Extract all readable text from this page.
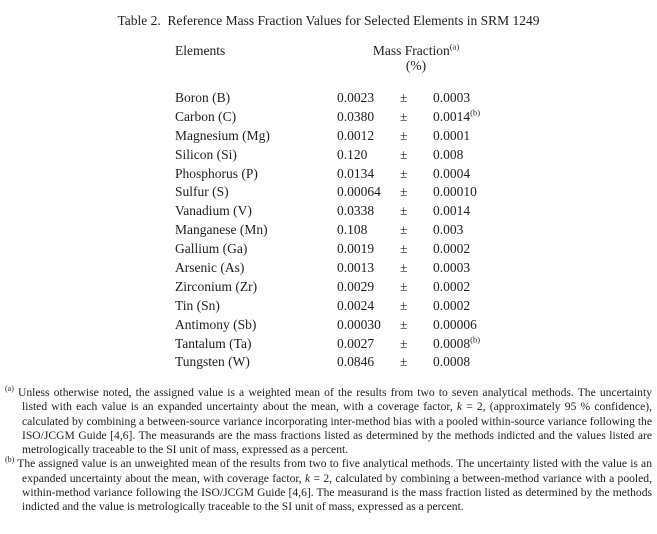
Table 2.  Reference Mass Fraction Values for Selected Elements in SRM 1249
Elements	Mass Fraction$^{(a)}$
(%)
Boron (B)	0.0023	±	0.0003
Carbon (C)	0.0380	±	$0.0014^{(b)}$
Magnesium (Mg)	0.0012	±	0.0001
Silicon (Si)	0.120	±	0.008
Phosphorus (P)	0.0134	±	0.0004
Sulfur (S)	0.00064	±	0.00010
Vanadium (V)	0.0338	±	0.0014
Manganese (Mn)	0.108	±	0.003
Gallium (Ga)	0.0019	±	0.0002
Arsenic (As)	0.0013	±	0.0003
Zirconium (Zr)	0.0029	±	0.0002
Tin (Sn)	0.0024	±	0.0002
Antimony (Sb)	0.00030	±	0.00006
Tantalum (Ta)	0.0027	±	$0.0008^{(b)}$
Tungsten (W)	0.0846	±	0.0008
$^{(a)}$ Unless otherwise noted, the assigned value is a weighted mean of the results from two to seven analytical methods. The uncertainty listed with each value is an expanded uncertainty about the mean, with a coverage factor, k = 2, (approximately 95 % confidence), calculated by combining a between-source variance incorporating inter-method bias with a pooled within-source variance following the ISO/JCGM Guide [4,6]. The measurands are the mass fractions listed as determined by the methods indicted and the values listed are metrologically traceable to the SI unit of mass, expressed as a percent.
$^{(b)}$ The assigned value is an unweighted mean of the results from two to five analytical methods. The uncertainty listed with the value is an expanded uncertainty about the mean, with coverage factor, k = 2, calculated by combining a between-method variance with a pooled, within-method variance following the ISO/JCGM Guide [4,6]. The measurand is the mass fraction listed as determined by the methods indicted and the value is metrologically traceable to the SI unit of mass, expressed as a percent.
